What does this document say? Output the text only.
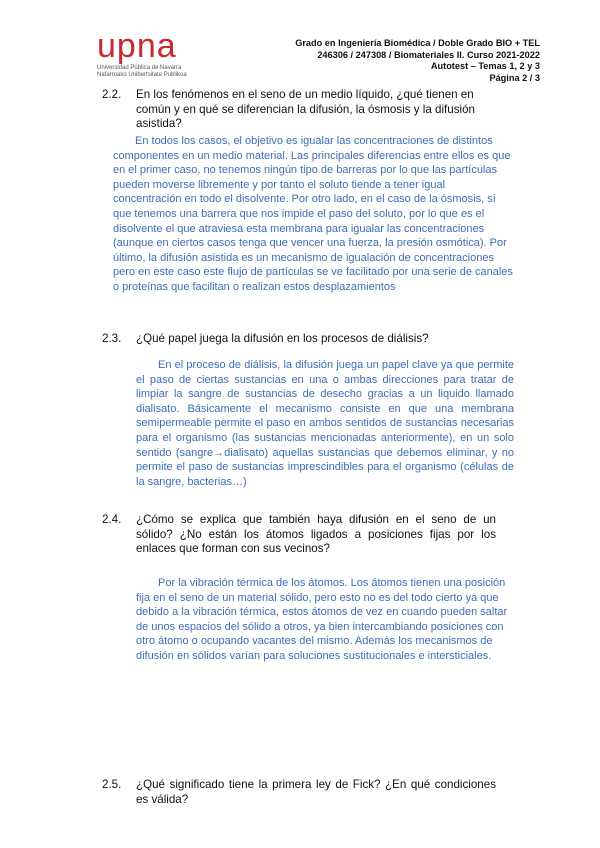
upna
Universidad Pública de Navarra
Nafarroako Unibertsitate Publikoa
Grado en Ingeniería Biomédica / Doble Grado BIO + TEL
246306 / 247308 / Biomateriales II. Curso 2021-2022
Autotest – Temas 1, 2 y 3
Página 2 / 3
2.2. En los fenómenos en el seno de un medio líquido, ¿qué tienen en común y en qué se diferencian la difusión, la ósmosis y la difusión asistida?
En todos los casos, el objetivo es igualar las concentraciones de distintos componentes en un medio material. Las principales diferencias entre ellos es que en el primer caso, no tenemos ningún tipo de barreras por lo que las partículas pueden moverse libremente y por tanto el soluto tiende a tener igual concentración en todo el disolvente. Por otro lado, en el caso de la ósmosis, sí que tenemos una barrera que nos impide el paso del soluto, por lo que es el disolvente el que atraviesa esta membrana para igualar las concentraciones (aunque en ciertos casos tenga que vencer una fuerza, la presión osmótica). Por último, la difusión asistida es un mecanismo de igualación de concentraciones pero en este caso este flujo de partículas se ve facilitado por una serie de canales o proteínas que facilitan o realizan estos desplazamientos
2.3. ¿Qué papel juega la difusión en los procesos de diálisis?
En el proceso de diálisis, la difusión juega un papel clave ya que permite el paso de ciertas sustancias en una o ambas direcciones para tratar de limpiar la sangre de sustancias de desecho gracias a un liquido llamado dialisato. Básicamente el mecanismo consiste en que una membrana semipermeable permite el paso en ambos sentidos de sustancias necesarias para el organismo (las sustancias mencionadas anteriormente), en un solo sentido (sangre→dialisato) aquellas sustancias que debemos eliminar, y no permite el paso de sustancias imprescindibles para el organismo (células de la sangre, bacterias…)
2.4. ¿Cómo se explica que también haya difusión en el seno de un sólido? ¿No están los átomos ligados a posiciones fijas por los enlaces que forman con sus vecinos?
Por la vibración térmica de los átomos. Los átomos tienen una posición fija en el seno de un material sólido, pero esto no es del todo cierto ya que debido a la vibración térmica, estos átomos de vez en cuando pueden saltar de unos espacios del sólido a otros, ya bien intercambiando posiciones con otro átomo o ocupando vacantes del mismo. Además los mecanismos de difusión en sólidos varían para soluciones sustitucionales e intersticiales.
2.5. ¿Qué significado tiene la primera ley de Fick? ¿En qué condiciones es válida?
